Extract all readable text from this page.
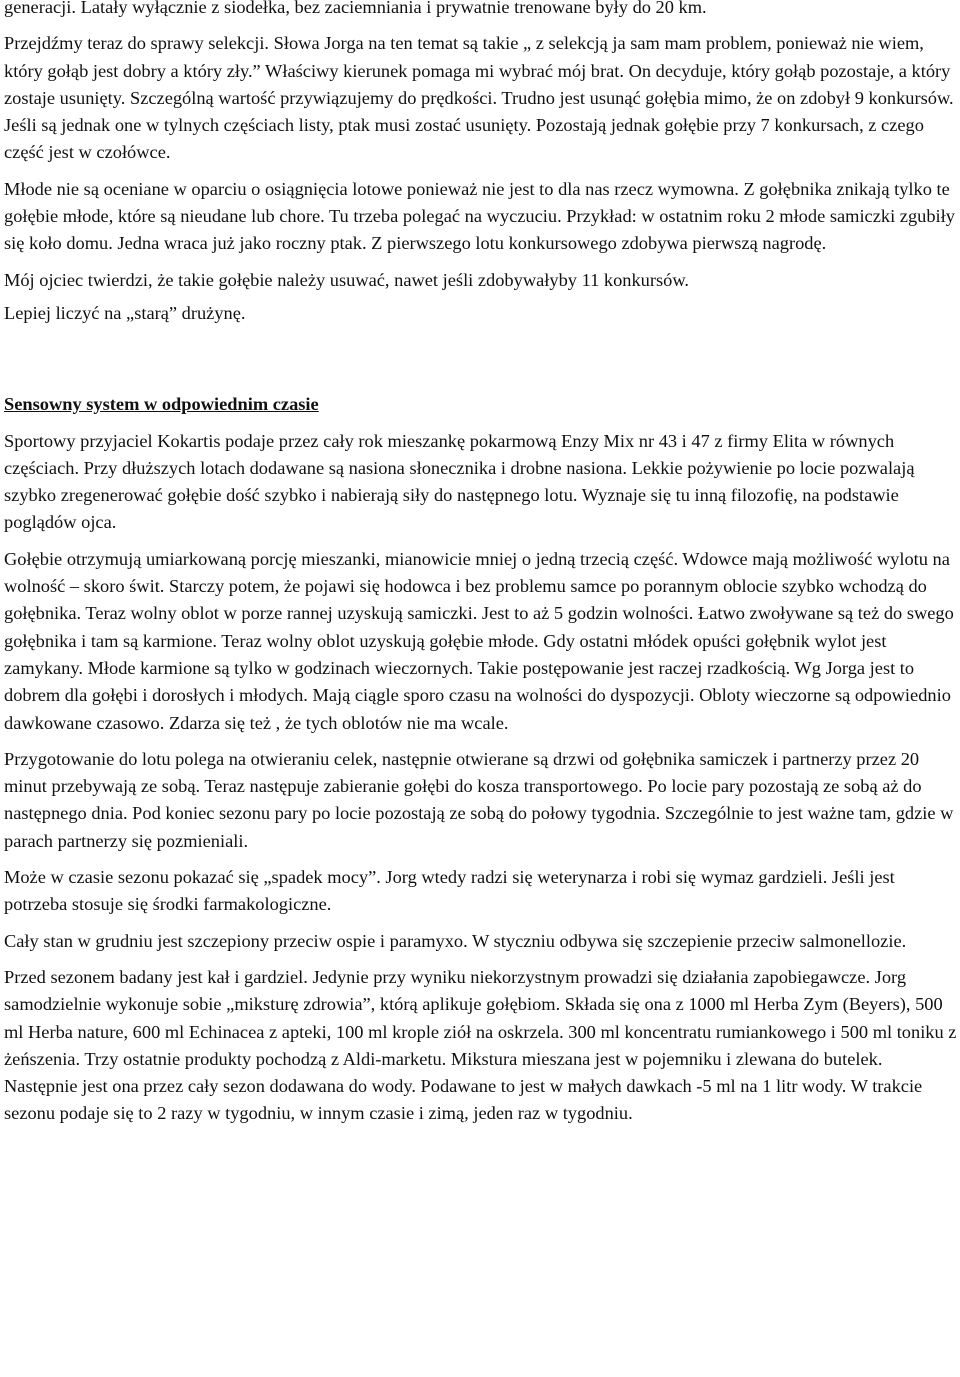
generacji. Latały wyłącznie z siodełka, bez zaciemniania i prywatnie trenowane były do 20 km.

Przejdźmy teraz do sprawy selekcji. Słowa Jorga na ten temat są takie „ z selekcją ja sam mam problem, ponieważ nie wiem, który gołąb jest dobry a który zły.” Właściwy kierunek pomaga mi wybrać mój brat. On decyduje, który gołąb pozostaje, a który zostaje usunięty. Szczególną wartość przywiązujemy do prędkości. Trudno jest usunąć gołębia mimo, że on zdobył 9 konkursów. Jeśli są jednak one w tylnych częściach listy, ptak musi zostać usunięty. Pozostają jednak gołębie przy 7 konkursach, z czego część jest w czołówce.

Młode nie są oceniane w oparciu o osiągnięcia lotowe ponieważ nie jest to dla nas rzecz wymowna. Z gołębnika znikają tylko te gołębie młode, które są nieudane lub chore. Tu trzeba polegać na wyczuciu. Przykład: w ostatnim roku 2 młode samiczki zgubiły się koło domu. Jedna wraca już jako roczny ptak. Z pierwszego lotu konkursowego zdobywa pierwszą nagrodę.

Mój ojciec twierdzi, że takie gołębie należy usuwać, nawet jeśli zdobywałyby 11 konkursów.

Lepiej liczyć na „starą” drużynę.

Sensowny system w odpowiednim czasie

Sportowy przyjaciel Kokartis podaje przez cały rok mieszankę pokarmową Enzy Mix nr 43 i 47 z firmy Elita w równych częściach. Przy dłuższych lotach dodawane są nasiona słonecznika i drobne nasiona. Lekkie pożywienie po locie pozwalają szybko zregenerować gołębie dość szybko i nabierają siły do następnego lotu. Wyznaje się tu inną filozofię, na podstawie poglądów ojca.

Gołębie otrzymują umiarkowaną porcję mieszanki, mianowicie mniej o jedną trzecią część. Wdowce mają możliwość wylotu na wolność – skoro świt. Starczy potem, że pojawi się hodowca i bez problemu samce po porannym oblocie szybko wchodzą do gołębnika. Teraz wolny oblot w porze rannej uzyskują samiczki. Jest to aż 5 godzin wolności. Łatwo zwoływane są też do swego gołębnika i tam są karmione. Teraz wolny oblot uzyskują gołębie młode. Gdy ostatni młódek opuści gołębnik wylot jest zamykany. Młode karmione są tylko w godzinach wieczornych. Takie postępowanie jest raczej rzadkością. Wg Jorga jest to dobrem dla gołębi i dorosłych i młodych. Mają ciągle sporo czasu na wolności do dyspozycji. Obloty wieczorne są odpowiednio dawkowane czasowo. Zdarza się też , że tych oblotów nie ma wcale.

Przygotowanie do lotu polega na otwieraniu celek, następnie otwierane są drzwi od gołębnika samiczek i partnerzy przez 20 minut przebywają ze sobą. Teraz następuje zabieranie gołębi do kosza transportowego. Po locie pary pozostają ze sobą aż do następnego dnia. Pod koniec sezonu pary po locie pozostają ze sobą do połowy tygodnia. Szczególnie to jest ważne tam, gdzie w parach partnerzy się pozmieniali.

Może w czasie sezonu pokazać się „spadek mocy”. Jorg wtedy radzi się weterynarza i robi się wymaz gardzieli. Jeśli jest potrzeba stosuje się środki farmakologiczne.

Cały stan w grudniu jest szczepiony przeciw ospie i paramyxo. W styczniu odbywa się szczepienie przeciw salmonellozie.

Przed sezonem badany jest kał i gardziel. Jedynie przy wyniku niekorzystnym prowadzi się działania zapobiegawcze. Jorg samodzielnie wykonuje sobie „miksturę zdrowia”, którą aplikuje gołębiom. Składa się ona z 1000 ml Herba Zym (Beyers), 500 ml Herba nature, 600 ml Echinacea z apteki, 100 ml krople ziół na oskrzela. 300 ml koncentratu rumiankowego i 500 ml toniku z żeńszenia. Trzy ostatnie produkty pochodzą z Aldi-marketu. Mikstura mieszana jest w pojemniku i zlewana do butelek. Następnie jest ona przez cały sezon dodawana do wody. Podawane to jest w małych dawkach -5 ml na 1 litr wody. W trakcie sezonu podaje się to 2 razy w tygodniu, w innym czasie i zimą, jeden raz w tygodniu.
